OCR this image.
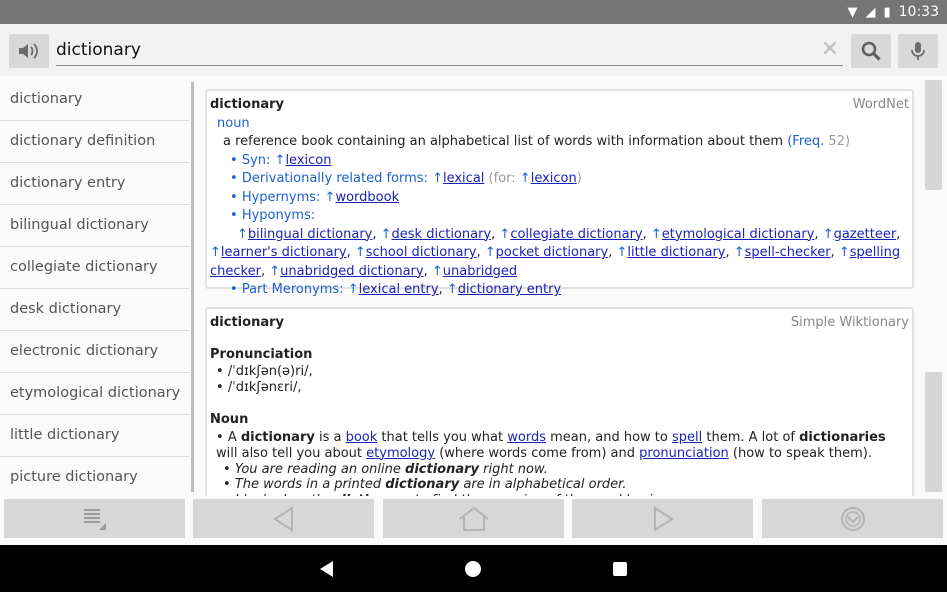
▼ ◢ ▮ 10:33
dictionary
✕
dictionary
dictionary definition
dictionary entry
bilingual dictionary
collegiate dictionary
desk dictionary
electronic dictionary
etymological dictionary
little dictionary
picture dictionary
WordNet
dictionary
noun
a reference book containing an alphabetical list of words with information about them (Freq. 52)
• Syn: ↑lexicon
• Derivationally related forms: ↑lexical (for: ↑lexicon)
• Hypernyms: ↑wordbook
• Hyponyms:
↑bilingual dictionary, ↑desk dictionary, ↑collegiate dictionary, ↑etymological dictionary, ↑gazetteer, ↑learner's dictionary, ↑school dictionary, ↑pocket dictionary, ↑little dictionary, ↑spell-checker, ↑spelling checker, ↑unabridged dictionary, ↑unabridged
• Part Meronyms: ↑lexical entry, ↑dictionary entry
Simple Wiktionary
dictionary
Pronunciation
• /ˈdɪkʃən(ə)ri/,
• /ˈdɪkʃənɛri/,
Noun
• A dictionary is a book that tells you what words mean, and how to spell them. A lot of dictionaries will also tell you about etymology (where words come from) and pronunciation (how to speak them).
• You are reading an online dictionary right now.
• The words in a printed dictionary are in alphabetical order.
